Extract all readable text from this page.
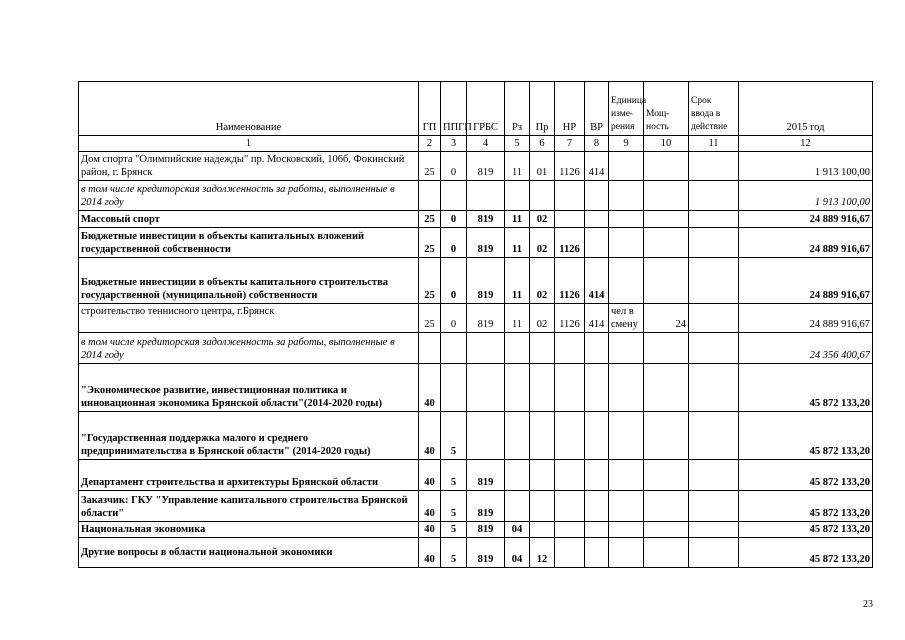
Наименование	ГП	ППГП	ГРБС	Рз	Пр	НР	ВР	Единица изме-рения	Мощ-ность	Срок ввода в действие	2015 год
1	2	3	4	5	6	7	8	9	10	11	12
Дом спорта "Олимпийские надежды" пр. Московский, 106б, Фокинский район, г. Брянск	25	0	819	11	01	1126	414				1 913 100,00
в том числе кредиторская задолженность за работы, выполненные в 2014 году											1 913 100,00
Массовый спорт	25	0	819	11	02						24 889 916,67
Бюджетные инвестиции в объекты капитальных вложений государственной собственности	25	0	819	11	02	1126					24 889 916,67
Бюджетные инвестиции в объекты капитального строительства государственной (муниципальной) собственности	25	0	819	11	02	1126	414				24 889 916,67
строительство теннисного центра, г.Брянск	25	0	819	11	02	1126	414	чел в смену	24		24 889 916,67
в том числе кредиторская задолженность за работы, выполненные в 2014 году											24 356 400,67
"Экономическое развитие, инвестиционная политика и инновационная экономика Брянской области"(2014-2020 годы)	40										45 872 133,20
"Государственная поддержка малого и среднего предпринимательства в Брянской области" (2014-2020 годы)	40	5									45 872 133,20
Департамент строительства и архитектуры Брянской области	40	5	819								45 872 133,20
Заказчик: ГКУ "Управление капитального строительства Брянской области"	40	5	819								45 872 133,20
Национальная экономика	40	5	819	04							45 872 133,20
Другие вопросы в области национальной экономики	40	5	819	04	12						45 872 133,20
23
